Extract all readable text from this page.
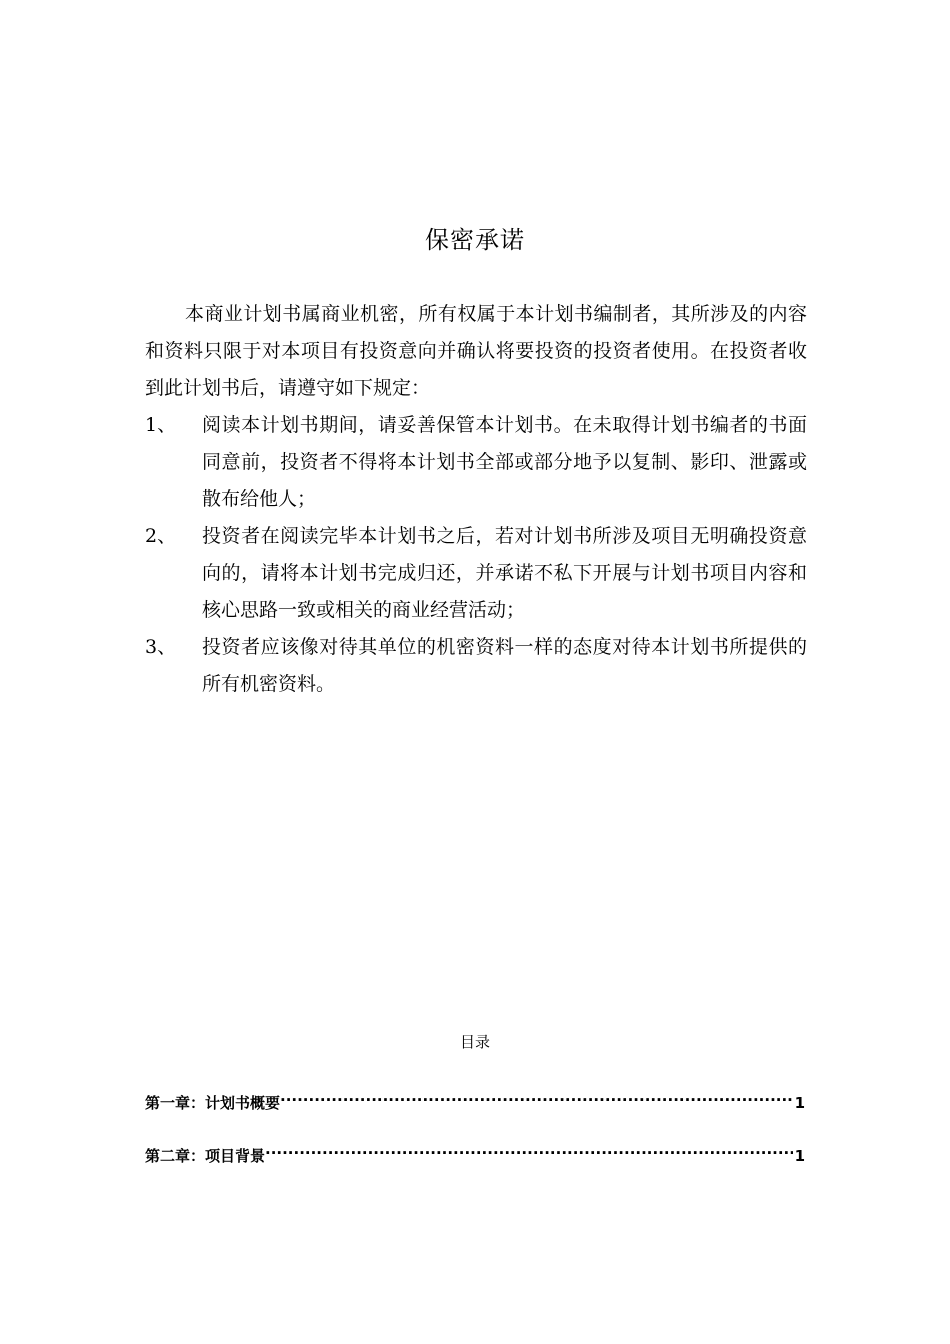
保密承诺

本商业计划书属商业机密，所有权属于本计划书编制者，其所涉及的内容和资料只限于对本项目有投资意向并确认将要投资的投资者使用。在投资者收到此计划书后，请遵守如下规定：

1、	阅读本计划书期间，请妥善保管本计划书。在未取得计划书编者的书面同意前，投资者不得将本计划书全部或部分地予以复制、影印、泄露或散布给他人；
2、	投资者在阅读完毕本计划书之后，若对计划书所涉及项目无明确投资意向的，请将本计划书完成归还，并承诺不私下开展与计划书项目内容和核心思路一致或相关的商业经营活动；
3、	投资者应该像对待其单位的机密资料一样的态度对待本计划书所提供的所有机密资料。
目录
第一章：计划书概要 .....	1
第二章：项目背景 .....	1
